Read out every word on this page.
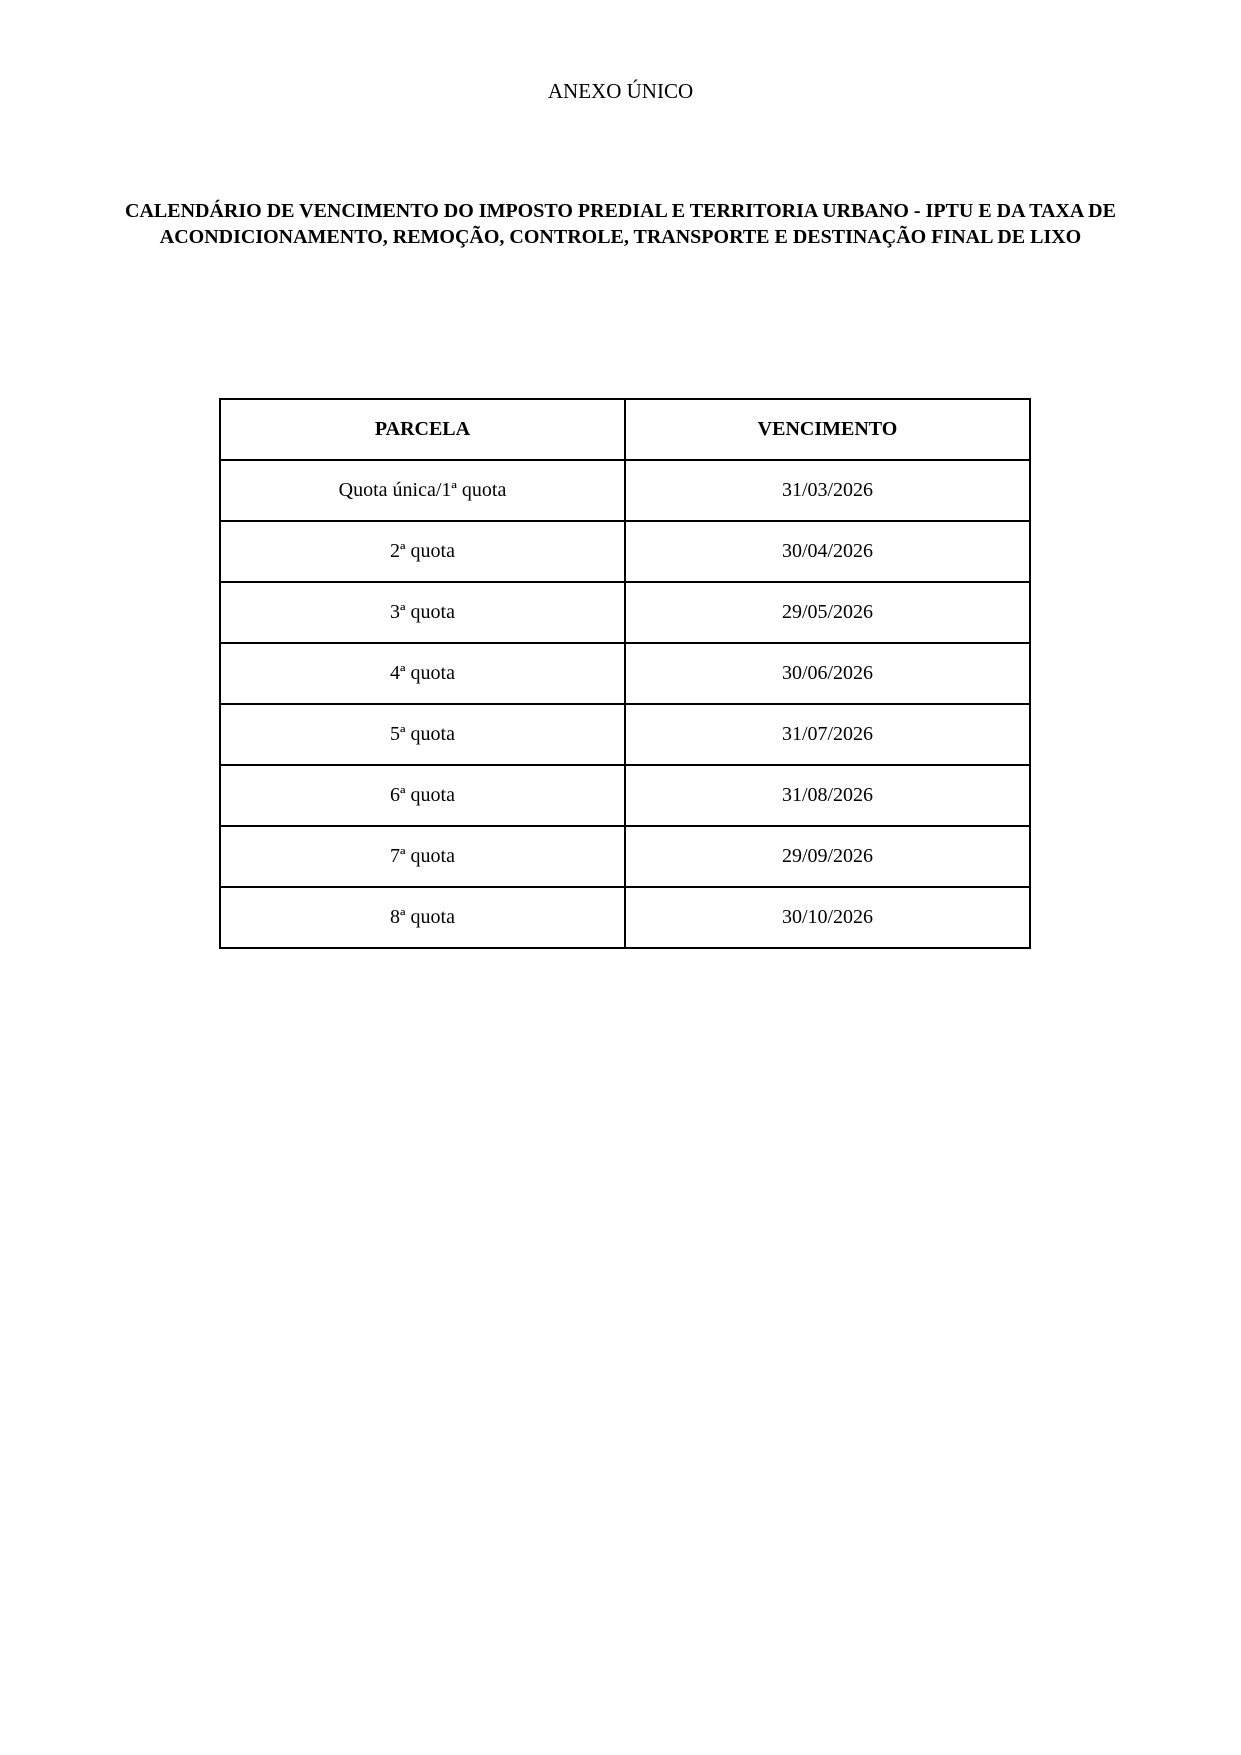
ANEXO ÚNICO
CALENDÁRIO DE VENCIMENTO DO IMPOSTO PREDIAL E TERRITORIA URBANO - IPTU E DA TAXA DE ACONDICIONAMENTO, REMOÇÃO, CONTROLE, TRANSPORTE E DESTINAÇÃO FINAL DE LIXO
PARCELA	VENCIMENTO
Quota única/1ª quota	31/03/2026
2ª quota	30/04/2026
3ª quota	29/05/2026
4ª quota	30/06/2026
5ª quota	31/07/2026
6ª quota	31/08/2026
7ª quota	29/09/2026
8ª quota	30/10/2026
